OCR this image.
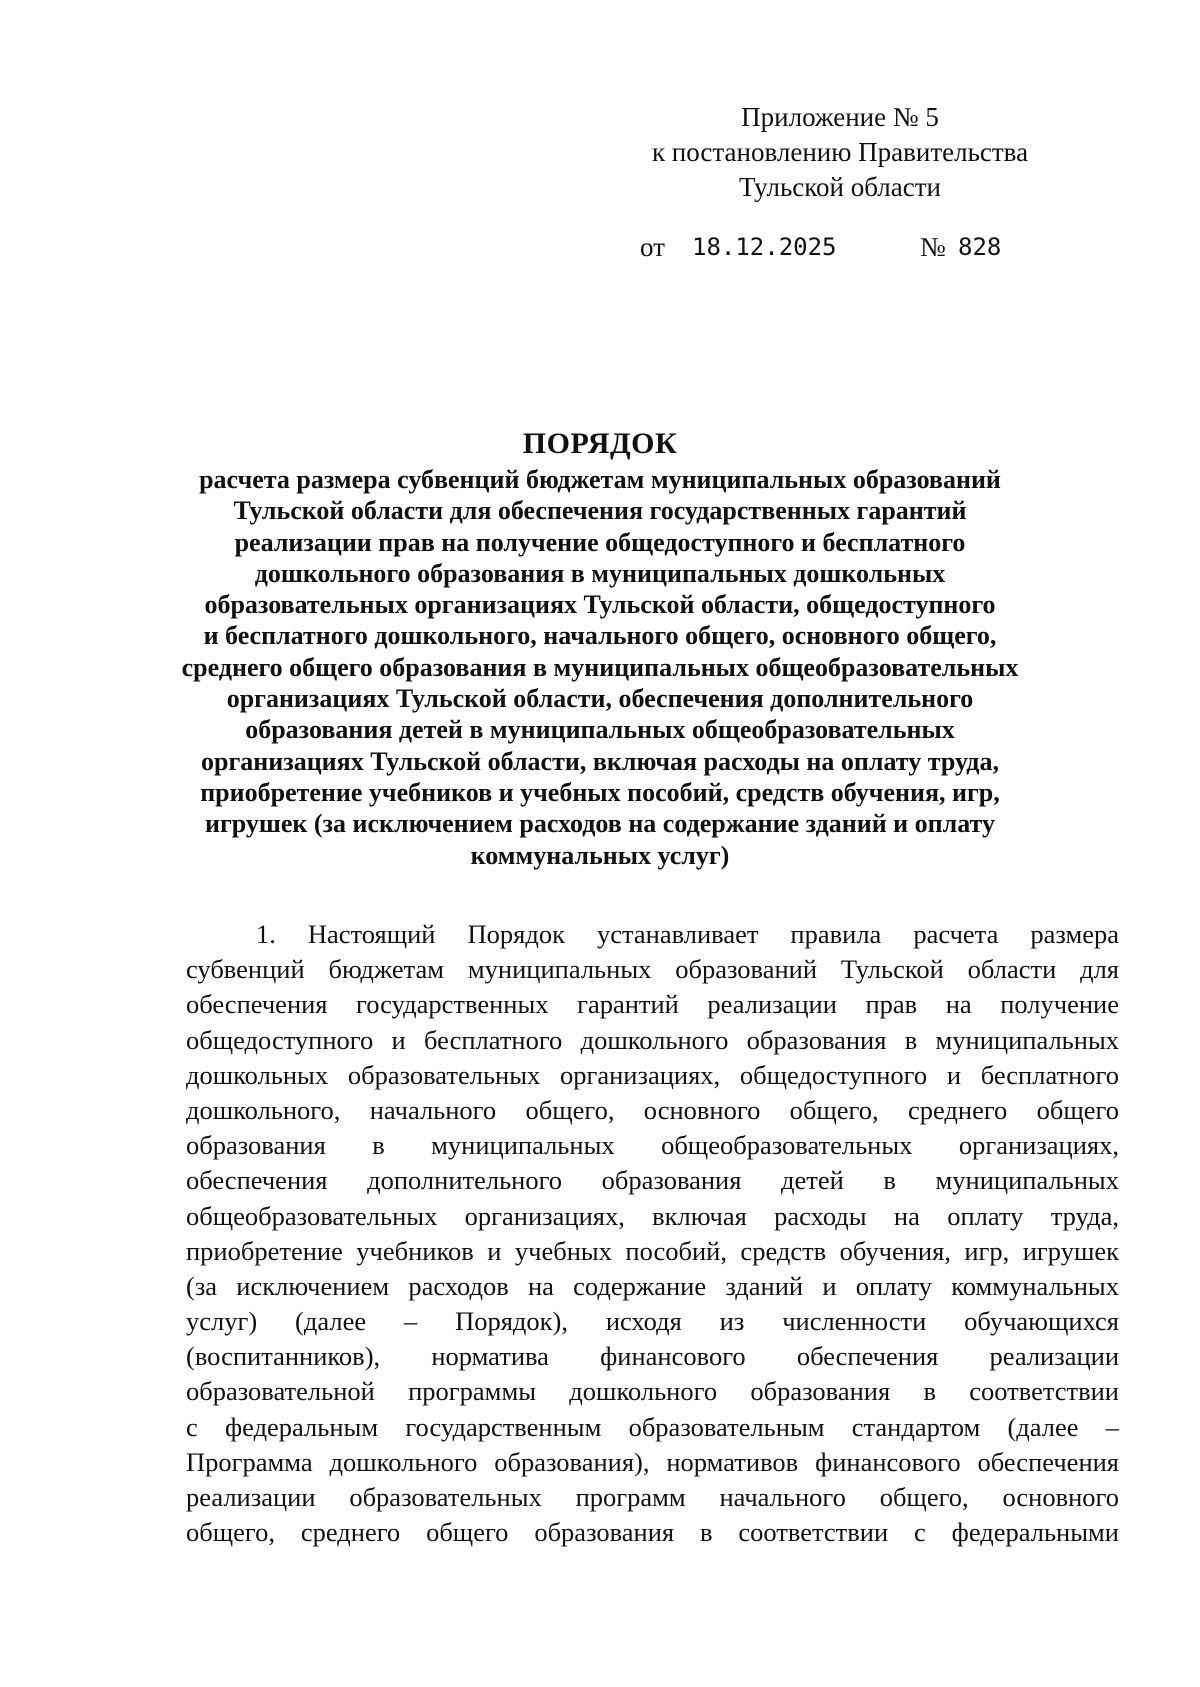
Приложение № 5
к постановлению Правительства
Тульской области
от 18.12.2025	№ 828
ПОРЯДОК
расчета размера субвенций бюджетам муниципальных образований
Тульской области для обеспечения государственных гарантий
реализации прав на получение общедоступного и бесплатного
дошкольного образования в муниципальных дошкольных
образовательных организациях Тульской области, общедоступного
и бесплатного дошкольного, начального общего, основного общего,
среднего общего образования в муниципальных общеобразовательных
организациях Тульской области, обеспечения дополнительного
образования детей в муниципальных общеобразовательных
организациях Тульской области, включая расходы на оплату труда,
приобретение учебников и учебных пособий, средств обучения, игр,
игрушек (за исключением расходов на содержание зданий и оплату
коммунальных услуг)
1. Настоящий Порядок устанавливает правила расчета размера
субвенций бюджетам муниципальных образований Тульской области для
обеспечения государственных гарантий реализации прав на получение
общедоступного и бесплатного дошкольного образования в муниципальных
дошкольных образовательных организациях, общедоступного и бесплатного
дошкольного, начального общего, основного общего, среднего общего
образования в муниципальных общеобразовательных организациях,
обеспечения дополнительного образования детей в муниципальных
общеобразовательных организациях, включая расходы на оплату труда,
приобретение учебников и учебных пособий, средств обучения, игр, игрушек
(за исключением расходов на содержание зданий и оплату коммунальных
услуг) (далее – Порядок), исходя из численности обучающихся
(воспитанников), норматива финансового обеспечения реализации
образовательной программы дошкольного образования в соответствии
с федеральным государственным образовательным стандартом (далее –
Программа дошкольного образования), нормативов финансового обеспечения
реализации образовательных программ начального общего, основного
общего, среднего общего образования в соответствии с федеральными
